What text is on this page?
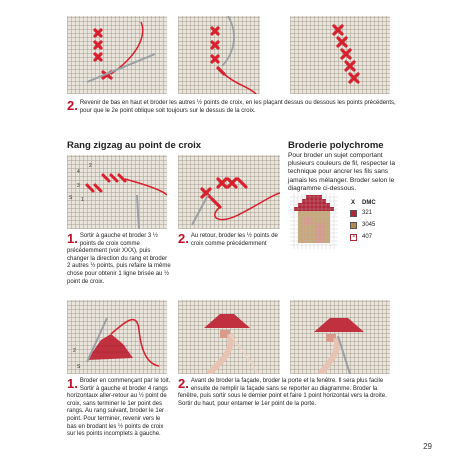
2. Revenir de bas en haut et broder les autres ½ points de croix, en les plaçant dessus ou dessous les points précédents, pour que le 2e point oblique soit toujours sur le dessus de la croix.
Rang zigzag au point de croix
4
2
3
S 1
1. Sortir à gauche et broder 3 ½ points de croix comme précédemment (voir XXX), puis changer la direction du rang et broder 2 autres ½ points, puis refaire la même chose pour obtenir 1 ligne brisée au ½ point de croix.
2. Au retour, broder les ½ points de croix comme précédemment
Broderie polychrome
Pour broder un sujet comportant plusieurs couleurs de fil, respecter la technique pour ancrer les fils sans jamais les mélanger. Broder selon le diagramme ci-dessous.
X DMC
321
3045
× 407
2
S
1. Broder en commençant par le toit. Sortir à gauche et broder 4 rangs horizontaux aller-retour au ½ point de croix, sans terminer le 1er point des rangs. Au rang suivant, broder le 1er point. Pour terminer, revenir vers le bas en brodant les ½ points de croix sur les points incomplets à gauche.
2. Avant de broder la façade, broder la porte et la fenêtre. Il sera plus facile ensuite de remplir la façade sans se reporter au diagramme. Broder la fenêtre, puis sortir sous le dernier point et faire 1 point horizontal vers la droite. Sortir du haut, pour entamer le 1er point de la porte.
29
